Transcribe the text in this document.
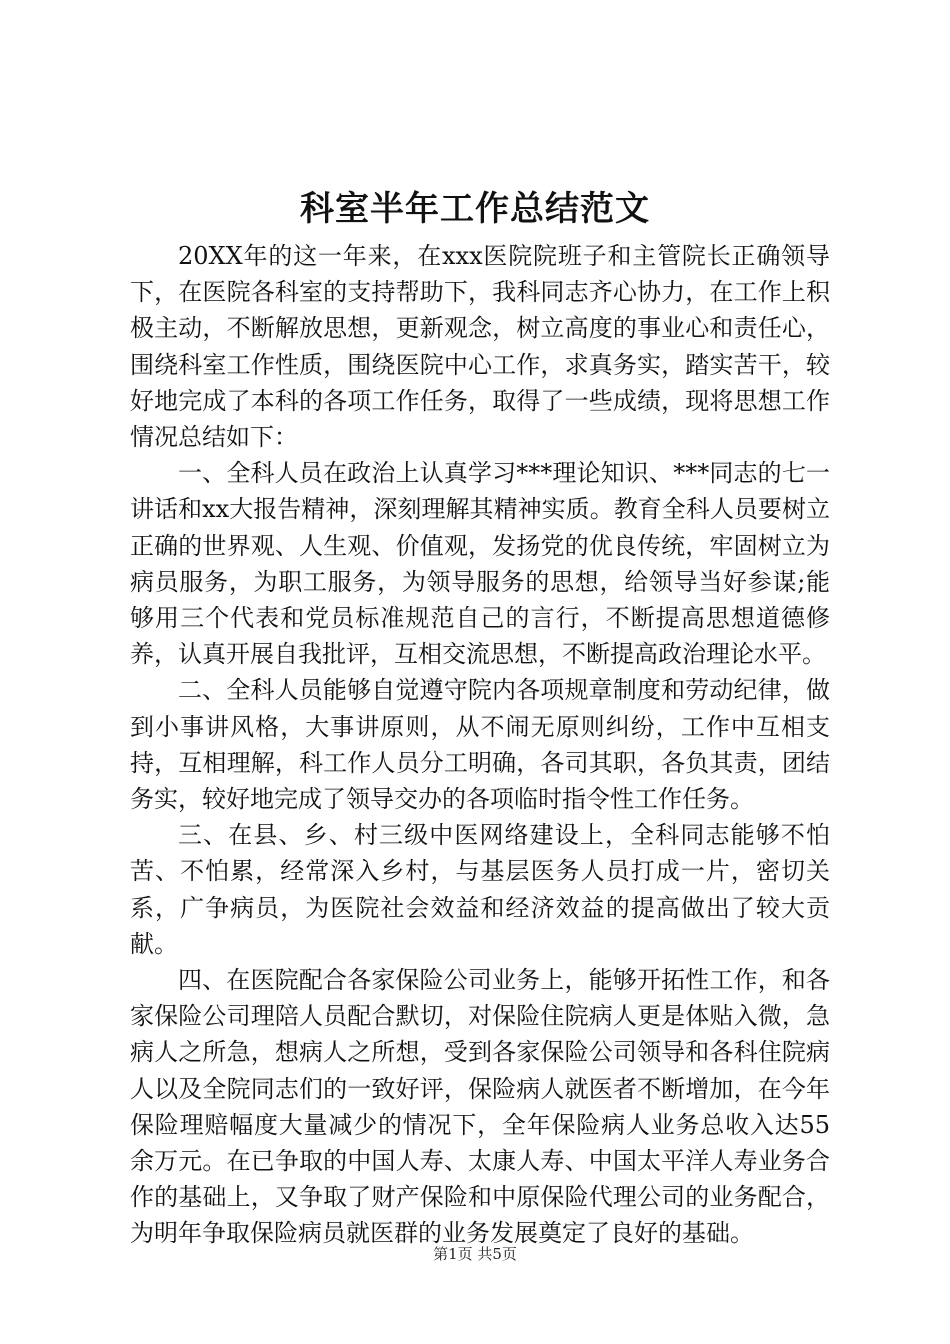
科室半年工作总结范文

20XX年的这一年来，在xxx医院院班子和主管院长正确领导下，在医院各科室的支持帮助下，我科同志齐心协力，在工作上积极主动，不断解放思想，更新观念，树立高度的事业心和责任心，围绕科室工作性质，围绕医院中心工作，求真务实，踏实苦干，较好地完成了本科的各项工作任务，取得了一些成绩，现将思想工作情况总结如下：

一、全科人员在政治上认真学习***理论知识、***同志的七一讲话和xx大报告精神，深刻理解其精神实质。教育全科人员要树立正确的世界观、人生观、价值观，发扬党的优良传统，牢固树立为病员服务，为职工服务，为领导服务的思想，给领导当好参谋;能够用三个代表和党员标准规范自己的言行，不断提高思想道德修养，认真开展自我批评，互相交流思想，不断提高政治理论水平。

二、全科人员能够自觉遵守院内各项规章制度和劳动纪律，做到小事讲风格，大事讲原则，从不闹无原则纠纷，工作中互相支持，互相理解，科工作人员分工明确，各司其职，各负其责，团结务实，较好地完成了领导交办的各项临时指令性工作任务。

三、在县、乡、村三级中医网络建设上，全科同志能够不怕苦、不怕累，经常深入乡村，与基层医务人员打成一片，密切关系，广争病员，为医院社会效益和经济效益的提高做出了较大贡献。

四、在医院配合各家保险公司业务上，能够开拓性工作，和各家保险公司理陪人员配合默切，对保险住院病人更是体贴入微，急病人之所急，想病人之所想，受到各家保险公司领导和各科住院病人以及全院同志们的一致好评，保险病人就医者不断增加，在今年保险理赔幅度大量减少的情况下，全年保险病人业务总收入达55余万元。在已争取的中国人寿、太康人寿、中国太平洋人寿业务合作的基础上，又争取了财产保险和中原保险代理公司的业务配合，为明年争取保险病员就医群的业务发展奠定了良好的基础。

第1页 共5页
